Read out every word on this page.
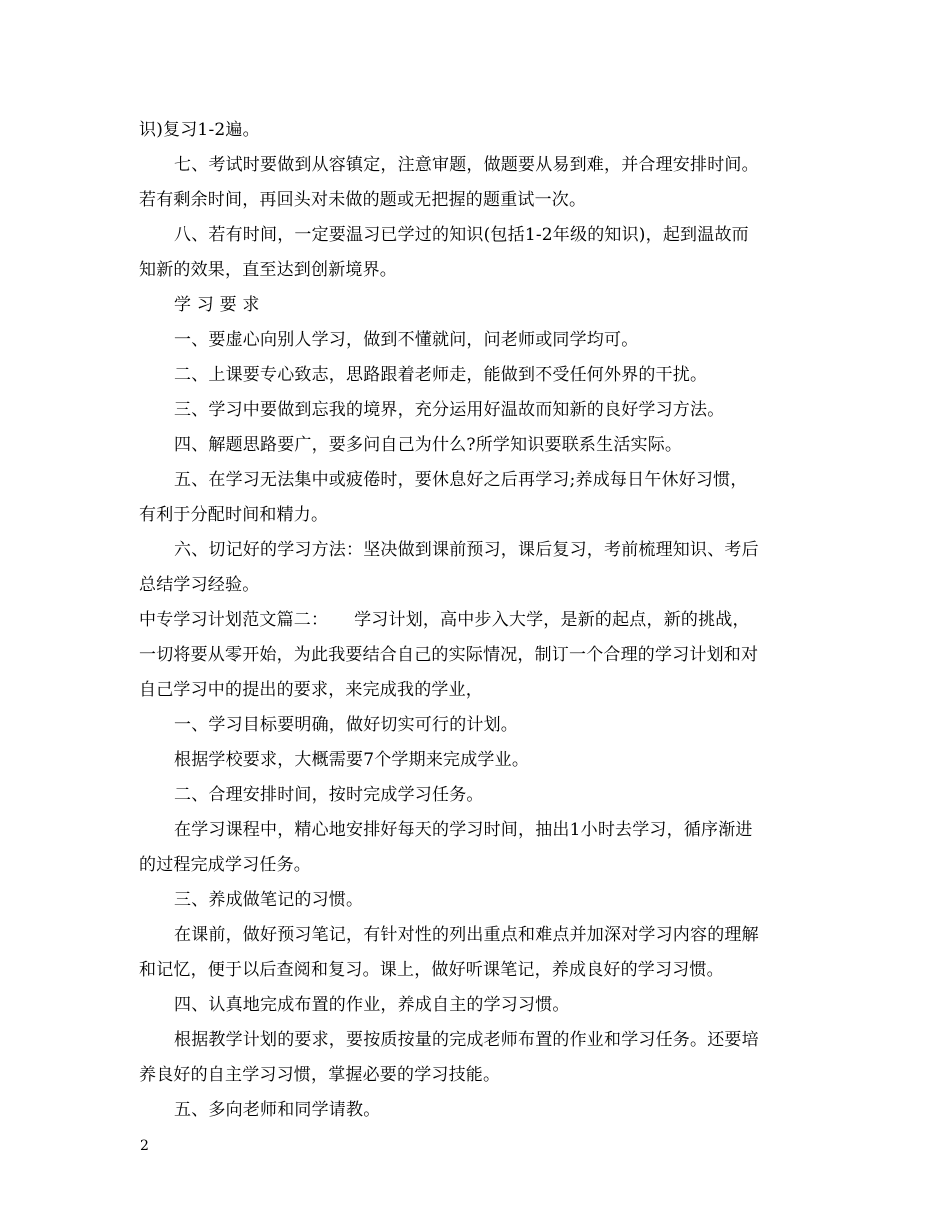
识)复习1-2遍。
七、考试时要做到从容镇定，注意审题，做题要从易到难，并合理安排时间。
若有剩余时间，再回头对未做的题或无把握的题重试一次。
八、若有时间，一定要温习已学过的知识(包括1-2年级的知识)，起到温故而
知新的效果，直至达到创新境界。
学 习 要 求
一、要虚心向别人学习，做到不懂就问，问老师或同学均可。
二、上课要专心致志，思路跟着老师走，能做到不受任何外界的干扰。
三、学习中要做到忘我的境界，充分运用好温故而知新的良好学习方法。
四、解题思路要广，要多问自己为什么?所学知识要联系生活实际。
五、在学习无法集中或疲倦时，要休息好之后再学习;养成每日午休好习惯，
有利于分配时间和精力。
六、切记好的学习方法：坚决做到课前预习，课后复习，考前梳理知识、考后
总结学习经验。
中专学习计划范文篇二：　　学习计划，高中步入大学，是新的起点，新的挑战，
一切将要从零开始，为此我要结合自己的实际情况，制订一个合理的学习计划和对
自己学习中的提出的要求，来完成我的学业，
一、学习目标要明确，做好切实可行的计划。
根据学校要求，大概需要7个学期来完成学业。
二、合理安排时间，按时完成学习任务。
在学习课程中，精心地安排好每天的学习时间，抽出1小时去学习，循序渐进
的过程完成学习任务。
三、养成做笔记的习惯。
在课前，做好预习笔记，有针对性的列出重点和难点并加深对学习内容的理解
和记忆，便于以后查阅和复习。课上，做好听课笔记，养成良好的学习习惯。
四、认真地完成布置的作业，养成自主的学习习惯。
根据教学计划的要求，要按质按量的完成老师布置的作业和学习任务。还要培
养良好的自主学习习惯，掌握必要的学习技能。
五、多向老师和同学请教。
2
